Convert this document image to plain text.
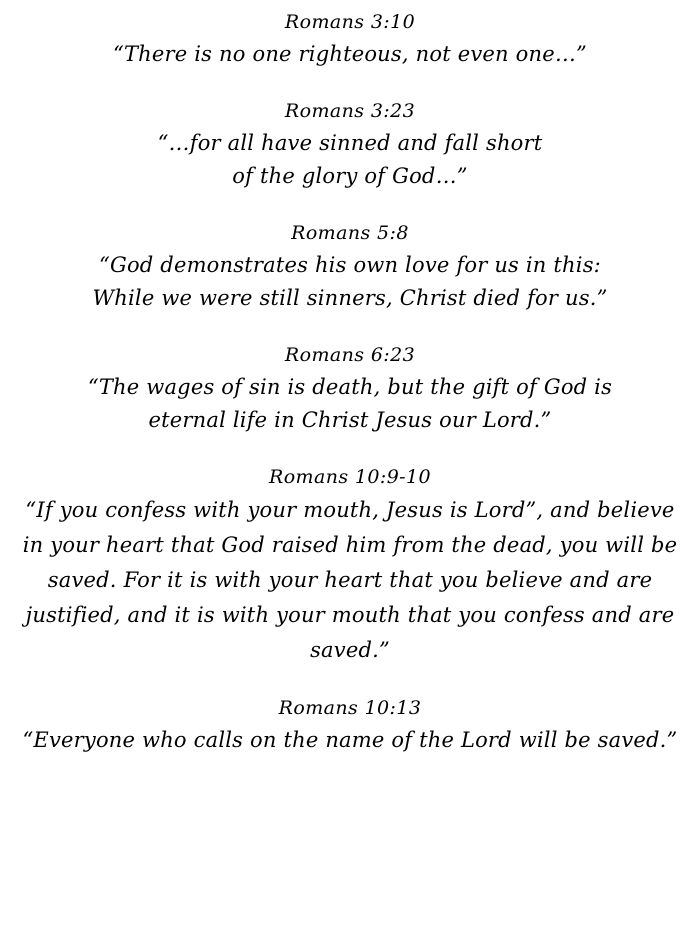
Romans 3:10
“There is no one righteous, not even one…”
Romans 3:23
“…for all have sinned and fall short
of the glory of God…”
Romans 5:8
“God demonstrates his own love for us in this:
While we were still sinners, Christ died for us.”
Romans 6:23
“The wages of sin is death, but the gift of God is
eternal life in Christ Jesus our Lord.”
Romans 10:9-10
“If you confess with your mouth, Jesus is Lord”, and believe
in your heart that God raised him from the dead, you will be
saved. For it is with your heart that you believe and are
justified, and it is with your mouth that you confess and are
saved.”
Romans 10:13
“Everyone who calls on the name of the Lord will be saved.”
